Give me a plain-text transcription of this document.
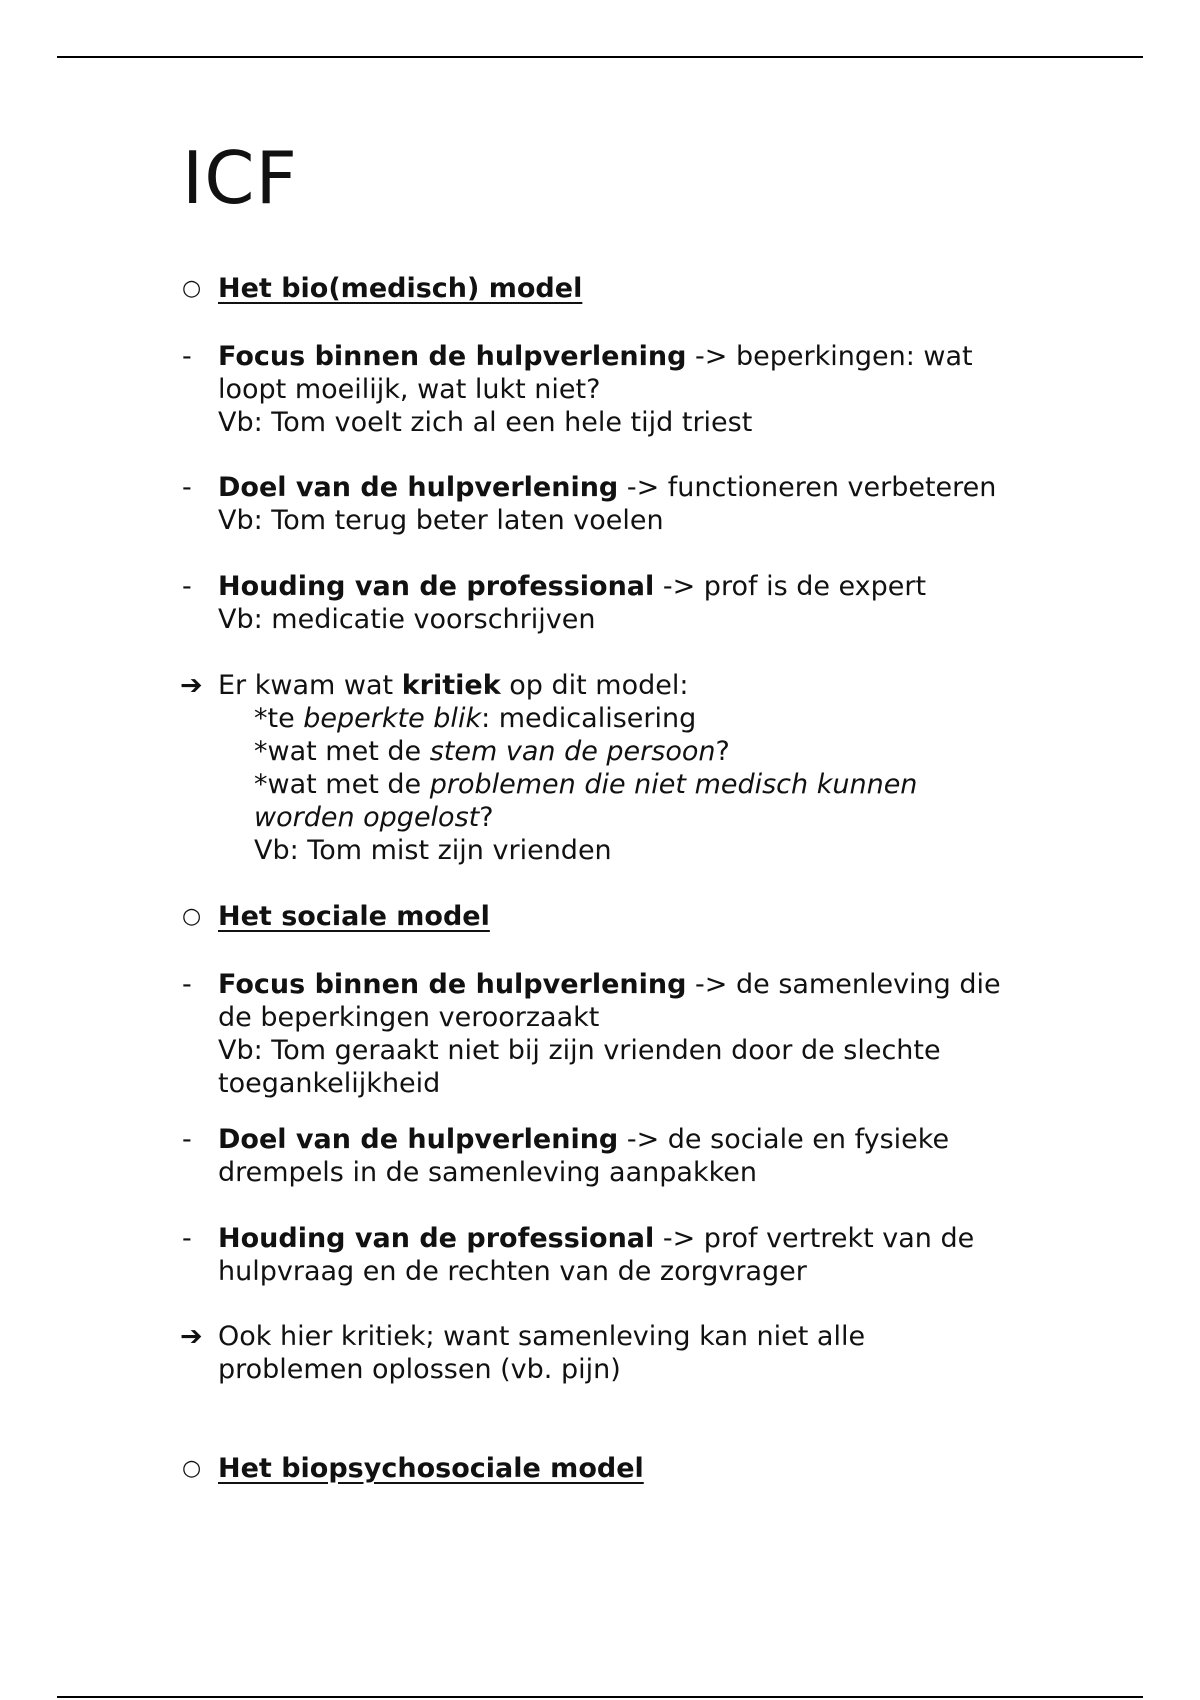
ICF
○ Het bio(medisch) model
- Focus binnen de hulpverlening -> beperkingen: wat
loopt moeilijk, wat lukt niet?
Vb: Tom voelt zich al een hele tijd triest
- Doel van de hulpverlening -> functioneren verbeteren
Vb: Tom terug beter laten voelen
- Houding van de professional -> prof is de expert
Vb: medicatie voorschrijven
➔ Er kwam wat kritiek op dit model:
*te beperkte blik: medicalisering
*wat met de stem van de persoon?
*wat met de problemen die niet medisch kunnen
worden opgelost?
Vb: Tom mist zijn vrienden
○ Het sociale model
- Focus binnen de hulpverlening -> de samenleving die
de beperkingen veroorzaakt
Vb: Tom geraakt niet bij zijn vrienden door de slechte
toegankelijkheid
- Doel van de hulpverlening -> de sociale en fysieke
drempels in de samenleving aanpakken
- Houding van de professional -> prof vertrekt van de
hulpvraag en de rechten van de zorgvrager
➔ Ook hier kritiek; want samenleving kan niet alle
problemen oplossen (vb. pijn)
○ Het biopsychosociale model
